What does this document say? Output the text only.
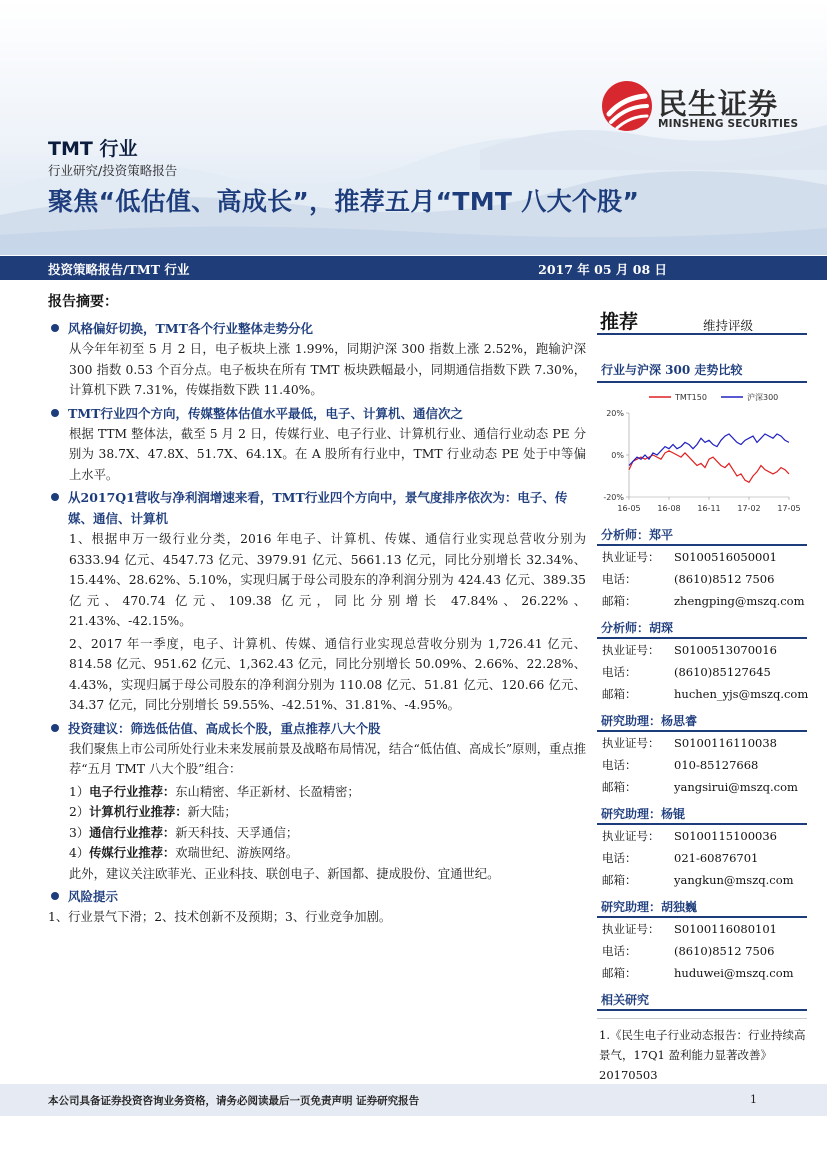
民生证券
MINSHENG SECURITIES
TMT 行业
行业研究/投资策略报告
聚焦“低估值、高成长”，推荐五月“TMT 八大个股”
投资策略报告/TMT 行业	2017 年 05 月 08 日
报告摘要：
风格偏好切换，TMT各个行业整体走势分化
从今年年初至 5 月 2 日，电子板块上涨 1.99%，同期沪深 300 指数上涨 2.52%，跑输沪深 300 指数 0.53 个百分点。电子板块在所有 TMT 板块跌幅最小，同期通信指数下跌 7.30%，计算机下跌 7.31%，传媒指数下跌 11.40%。
TMT行业四个方向，传媒整体估值水平最低，电子、计算机、通信次之
根据 TTM 整体法，截至 5 月 2 日，传媒行业、电子行业、计算机行业、通信行业动态 PE 分别为 38.7X、47.8X、51.7X、64.1X。在 A 股所有行业中，TMT 行业动态 PE 处于中等偏上水平。
从2017Q1营收与净利润增速来看，TMT行业四个方向中，景气度排序依次为：电子、传媒、通信、计算机
1、根据申万一级行业分类，2016 年电子、计算机、传媒、通信行业实现总营收分别为 6333.94 亿元、4547.73 亿元、3979.91 亿元、5661.13 亿元，同比分别增长 32.34%、15.44%、28.62%、5.10%，实现归属于母公司股东的净利润分别为 424.43 亿元、389.35 亿元、470.74 亿元、109.38 亿元，同比分别增长 47.84%、26.22%、21.43%、-42.15%。
2、2017 年一季度，电子、计算机、传媒、通信行业实现总营收分别为 1,726.41 亿元、814.58 亿元、951.62 亿元、1,362.43 亿元，同比分别增长 50.09%、2.66%、22.28%、4.43%，实现归属于母公司股东的净利润分别为 110.08 亿元、51.81 亿元、120.66 亿元、34.37 亿元，同比分别增长 59.55%、-42.51%、31.81%、-4.95%。
投资建议：筛选低估值、高成长个股，重点推荐八大个股
我们聚焦上市公司所处行业未来发展前景及战略布局情况，结合“低估值、高成长”原则，重点推荐“五月 TMT 八大个股”组合：
1）电子行业推荐：东山精密、华正新材、长盈精密；
2）计算机行业推荐：新大陆；
3）通信行业推荐：新天科技、天孚通信；
4）传媒行业推荐：欢瑞世纪、游族网络。
此外，建议关注欧菲光、正业科技、联创电子、新国都、捷成股份、宜通世纪。
风险提示
1、行业景气下滑；2、技术创新不及预期；3、行业竞争加剧。
推荐	维持评级
行业与沪深 300 走势比较
TMT150	沪深300
20%
0%
-20%
16-05 16-08 16-11 17-02 17-05
分析师：郑平
执业证号： S0100516050001
电话：	(8610)8512 7506
邮箱：	zhengping@mszq.com
分析师：胡琛
执业证号： S0100513070016
电话：	(8610)85127645
邮箱：	huchen_yjs@mszq.com
研究助理：杨思睿
执业证号： S0100116110038
电话：	010-85127668
邮箱：	yangsirui@mszq.com
研究助理：杨锟
执业证号： S0100115100036
电话：	021-60876701
邮箱：	yangkun@mszq.com
研究助理：胡独巍
执业证号： S0100116080101
电话：	(8610)8512 7506
邮箱：	huduwei@mszq.com
相关研究
1.《民生电子行业动态报告：行业持续高景气，17Q1 盈利能力显著改善》20170503
本公司具备证券投资咨询业务资格，请务必阅读最后一页免责声明 证券研究报告	1
